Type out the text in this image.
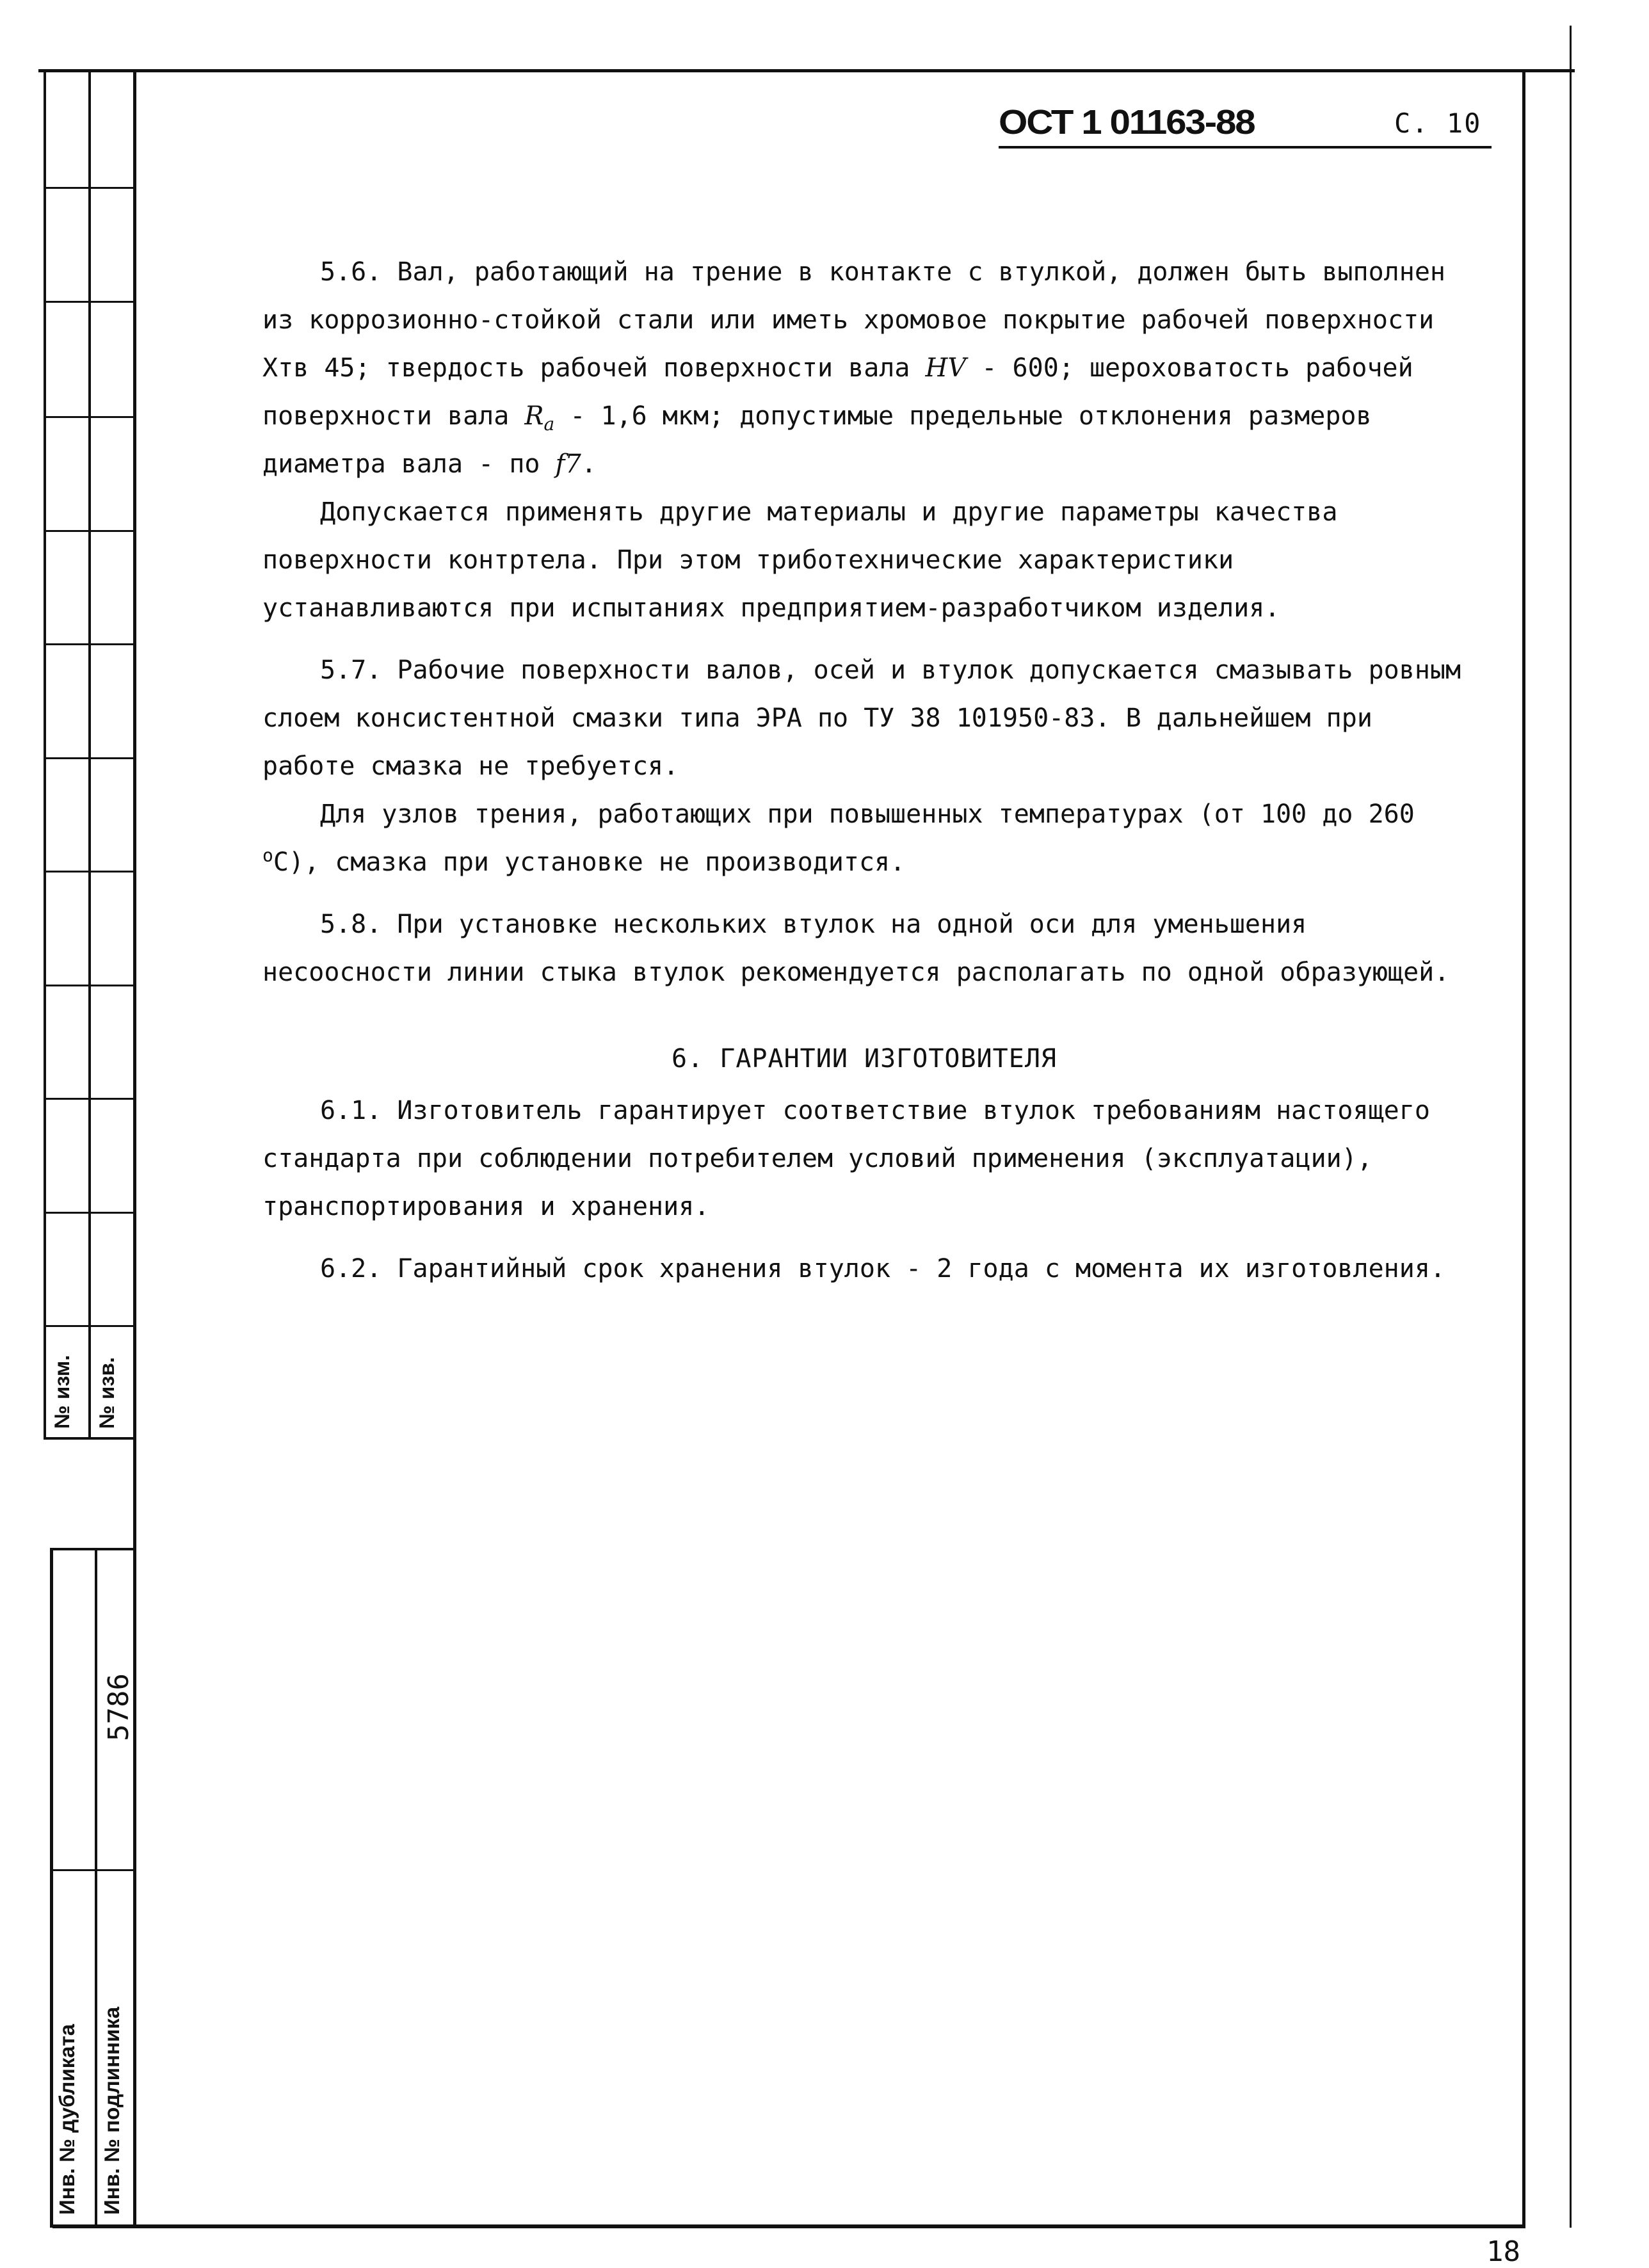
№ изм. № изв.
Инв. № дубликата Инв. № подлинника
5786
ОСТ 1 01163-88	С. 10

5.6. Вал, работающий на трение в контакте с втулкой, должен быть выполнен из коррозионно-стойкой стали или иметь хромовое покрытие рабочей поверхности Хтв 45; твердость рабочей поверхности вала HV - 600; шероховатость рабочей поверхности вала $R_a - 1,6$ мкм; допустимые предельные отклонения размеров диаметра вала - по f7.

Допускается применять другие материалы и другие параметры качества поверхности контртела. При этом триботехнические характеристики устанавливаются при испытаниях предприятием-разработчиком изделия.

5.7. Рабочие поверхности валов, осей и втулок допускается смазывать ровным слоем консистентной смазки типа ЭРА по ТУ 38 101950-83. В дальнейшем при работе смазка не требуется.

Для узлов трения, работающих при повышенных температурах (от 100 до 260 $^o$С), смазка при установке не производится.

5.8. При установке нескольких втулок на одной оси для уменьшения несоосности линии стыка втулок рекомендуется располагать по одной образующей.

6. ГАРАНТИИ ИЗГОТОВИТЕЛЯ

6.1. Изготовитель гарантирует соответствие втулок требованиям настоящего стандарта при соблюдении потребителем условий применения (эксплуатации), транспортирования и хранения.

6.2. Гарантийный срок хранения втулок - 2 года с момента их изготовления.

18
